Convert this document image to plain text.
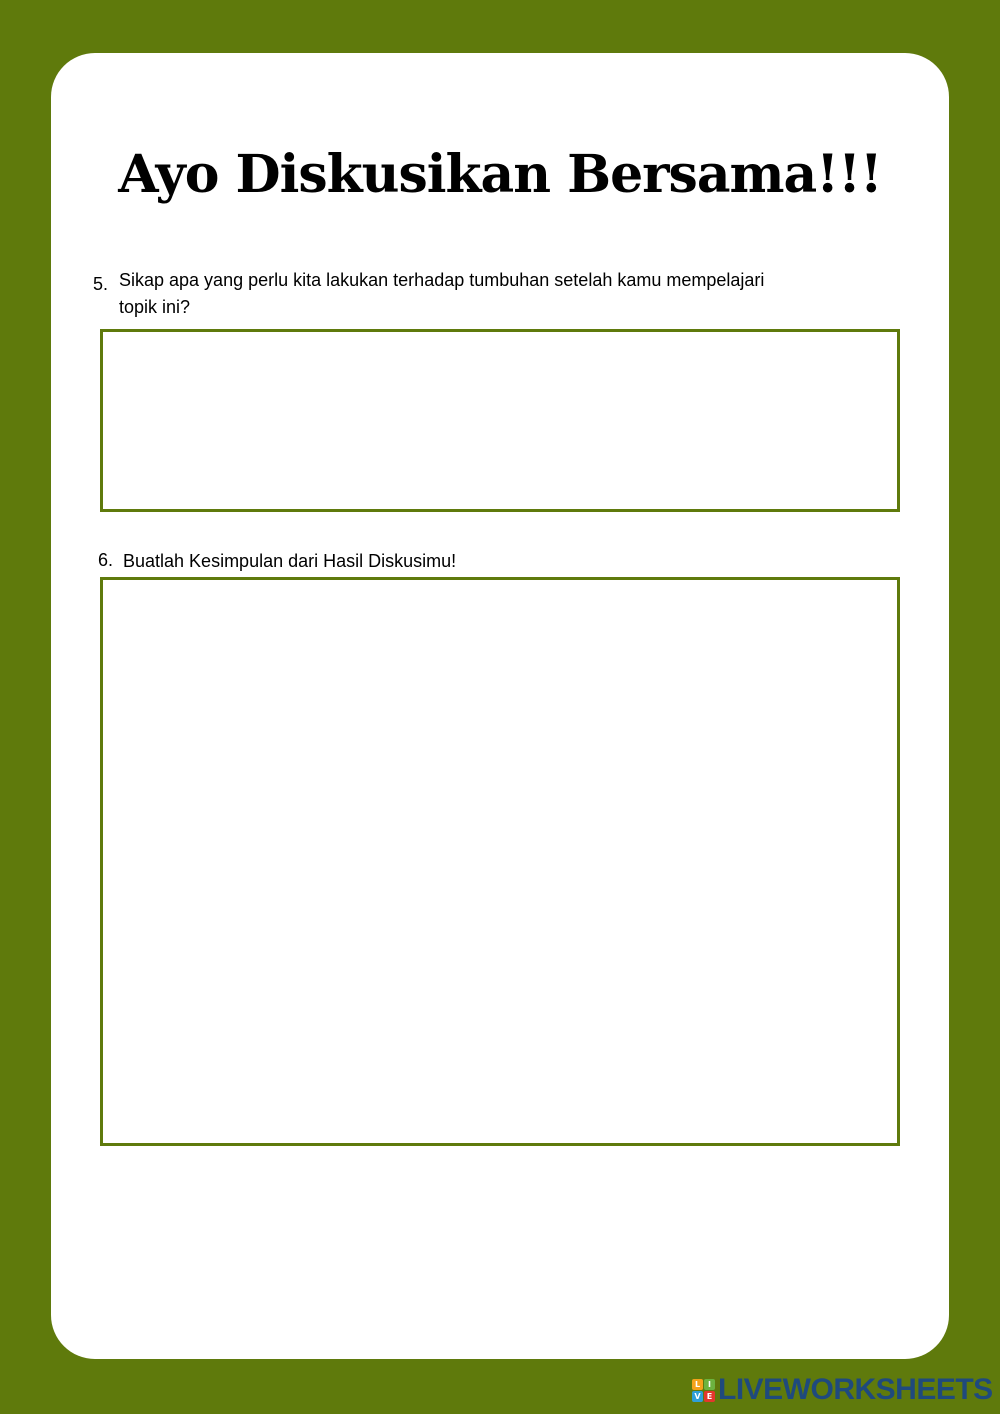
Ayo Diskusikan Bersama!!!
5. Sikap apa yang perlu kita lakukan terhadap tumbuhan setelah kamu mempelajari
topik ini?
6. Buatlah Kesimpulan dari Hasil Diskusimu!
L I
V E LIVEWORKSHEETS
